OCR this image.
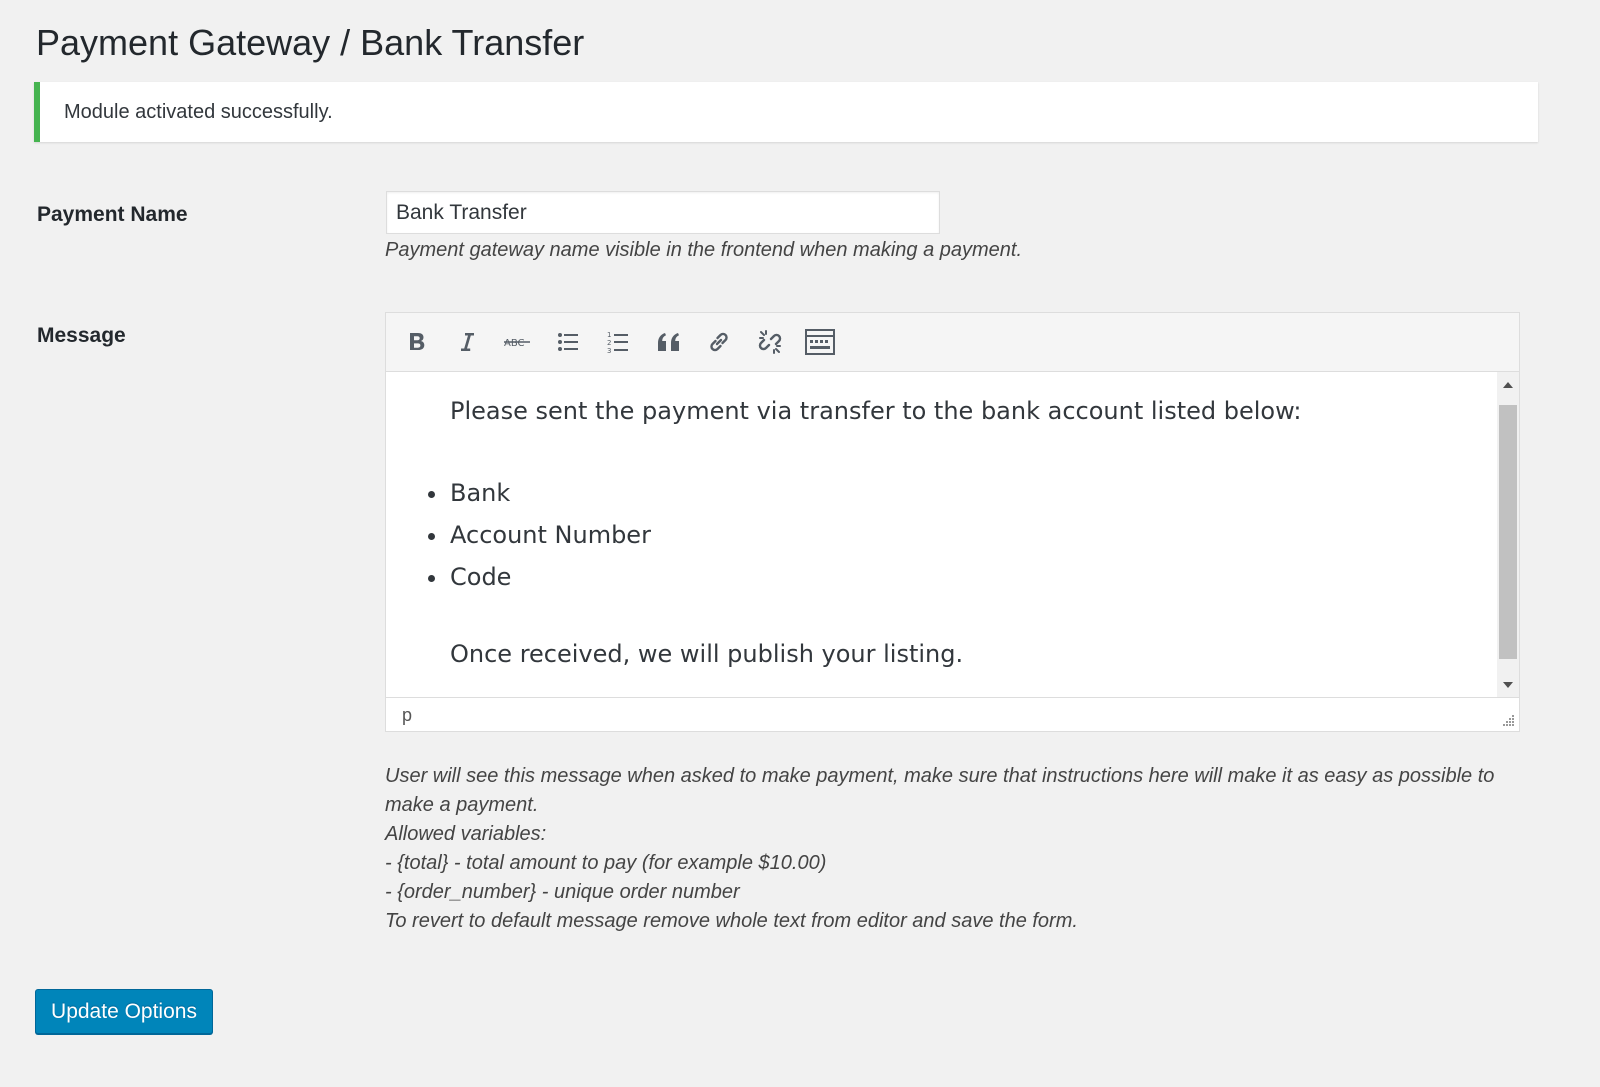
Payment Gateway / Bank Transfer
Module activated successfully.
Payment Name
Bank Transfer
Payment gateway name visible in the frontend when making a payment.
Message	ABC
1
2
3

Please sent the payment via transfer to the bank account listed below:

Bank
Account Number
Code

Once received, we will publish your listing.

p
User will see this message when asked to make payment, make sure that instructions here will make it as easy as possible to
make a payment.
Allowed variables:
- {total} - total amount to pay (for example $10.00)
- {order_number} - unique order number
To revert to default message remove whole text from editor and save the form.
Update Options
